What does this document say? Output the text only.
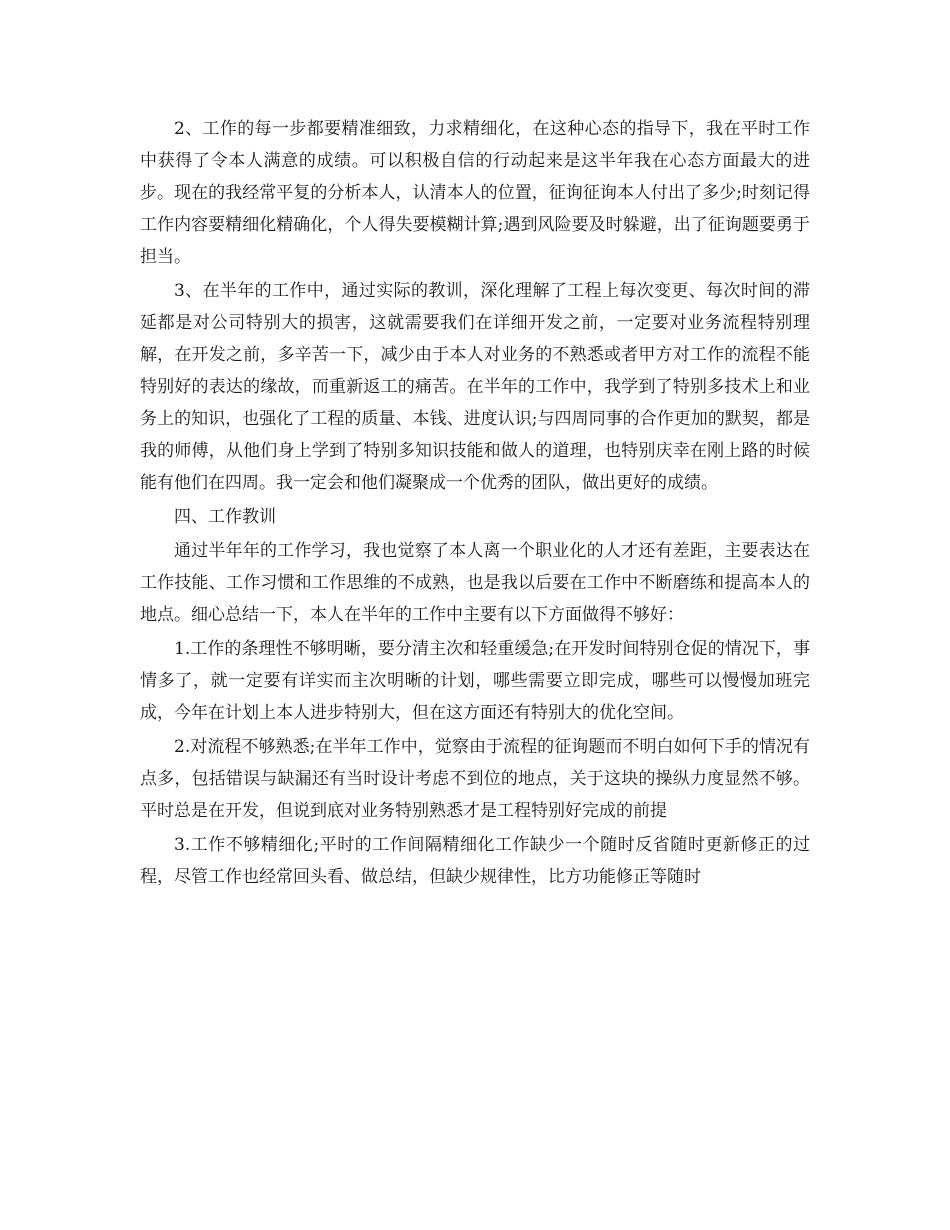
2、工作的每一步都要精准细致，力求精细化，在这种心态的指导下，我在平时工作中获得了令本人满意的成绩。可以积极自信的行动起来是这半年我在心态方面最大的进步。现在的我经常平复的分析本人，认清本人的位置，征询征询本人付出了多少;时刻记得工作内容要精细化精确化，个人得失要模糊计算;遇到风险要及时躲避，出了征询题要勇于担当。

3、在半年的工作中，通过实际的教训，深化理解了工程上每次变更、每次时间的滞延都是对公司特别大的损害，这就需要我们在详细开发之前，一定要对业务流程特别理解，在开发之前，多辛苦一下，减少由于本人对业务的不熟悉或者甲方对工作的流程不能特别好的表达的缘故，而重新返工的痛苦。在半年的工作中，我学到了特别多技术上和业务上的知识，也强化了工程的质量、本钱、进度认识;与四周同事的合作更加的默契，都是我的师傅，从他们身上学到了特别多知识技能和做人的道理，也特别庆幸在刚上路的时候能有他们在四周。我一定会和他们凝聚成一个优秀的团队，做出更好的成绩。

四、工作教训

通过半年年的工作学习，我也觉察了本人离一个职业化的人才还有差距，主要表达在工作技能、工作习惯和工作思维的不成熟，也是我以后要在工作中不断磨练和提高本人的地点。细心总结一下，本人在半年的工作中主要有以下方面做得不够好：

1.工作的条理性不够明晰，要分清主次和轻重缓急;在开发时间特别仓促的情况下，事情多了，就一定要有详实而主次明晰的计划，哪些需要立即完成，哪些可以慢慢加班完成，今年在计划上本人进步特别大，但在这方面还有特别大的优化空间。

2.对流程不够熟悉;在半年工作中，觉察由于流程的征询题而不明白如何下手的情况有点多，包括错误与缺漏还有当时设计考虑不到位的地点，关于这块的操纵力度显然不够。平时总是在开发，但说到底对业务特别熟悉才是工程特别好完成的前提

3.工作不够精细化;平时的工作间隔精细化工作缺少一个随时反省随时更新修正的过程，尽管工作也经常回头看、做总结，但缺少规律性，比方功能修正等随时
